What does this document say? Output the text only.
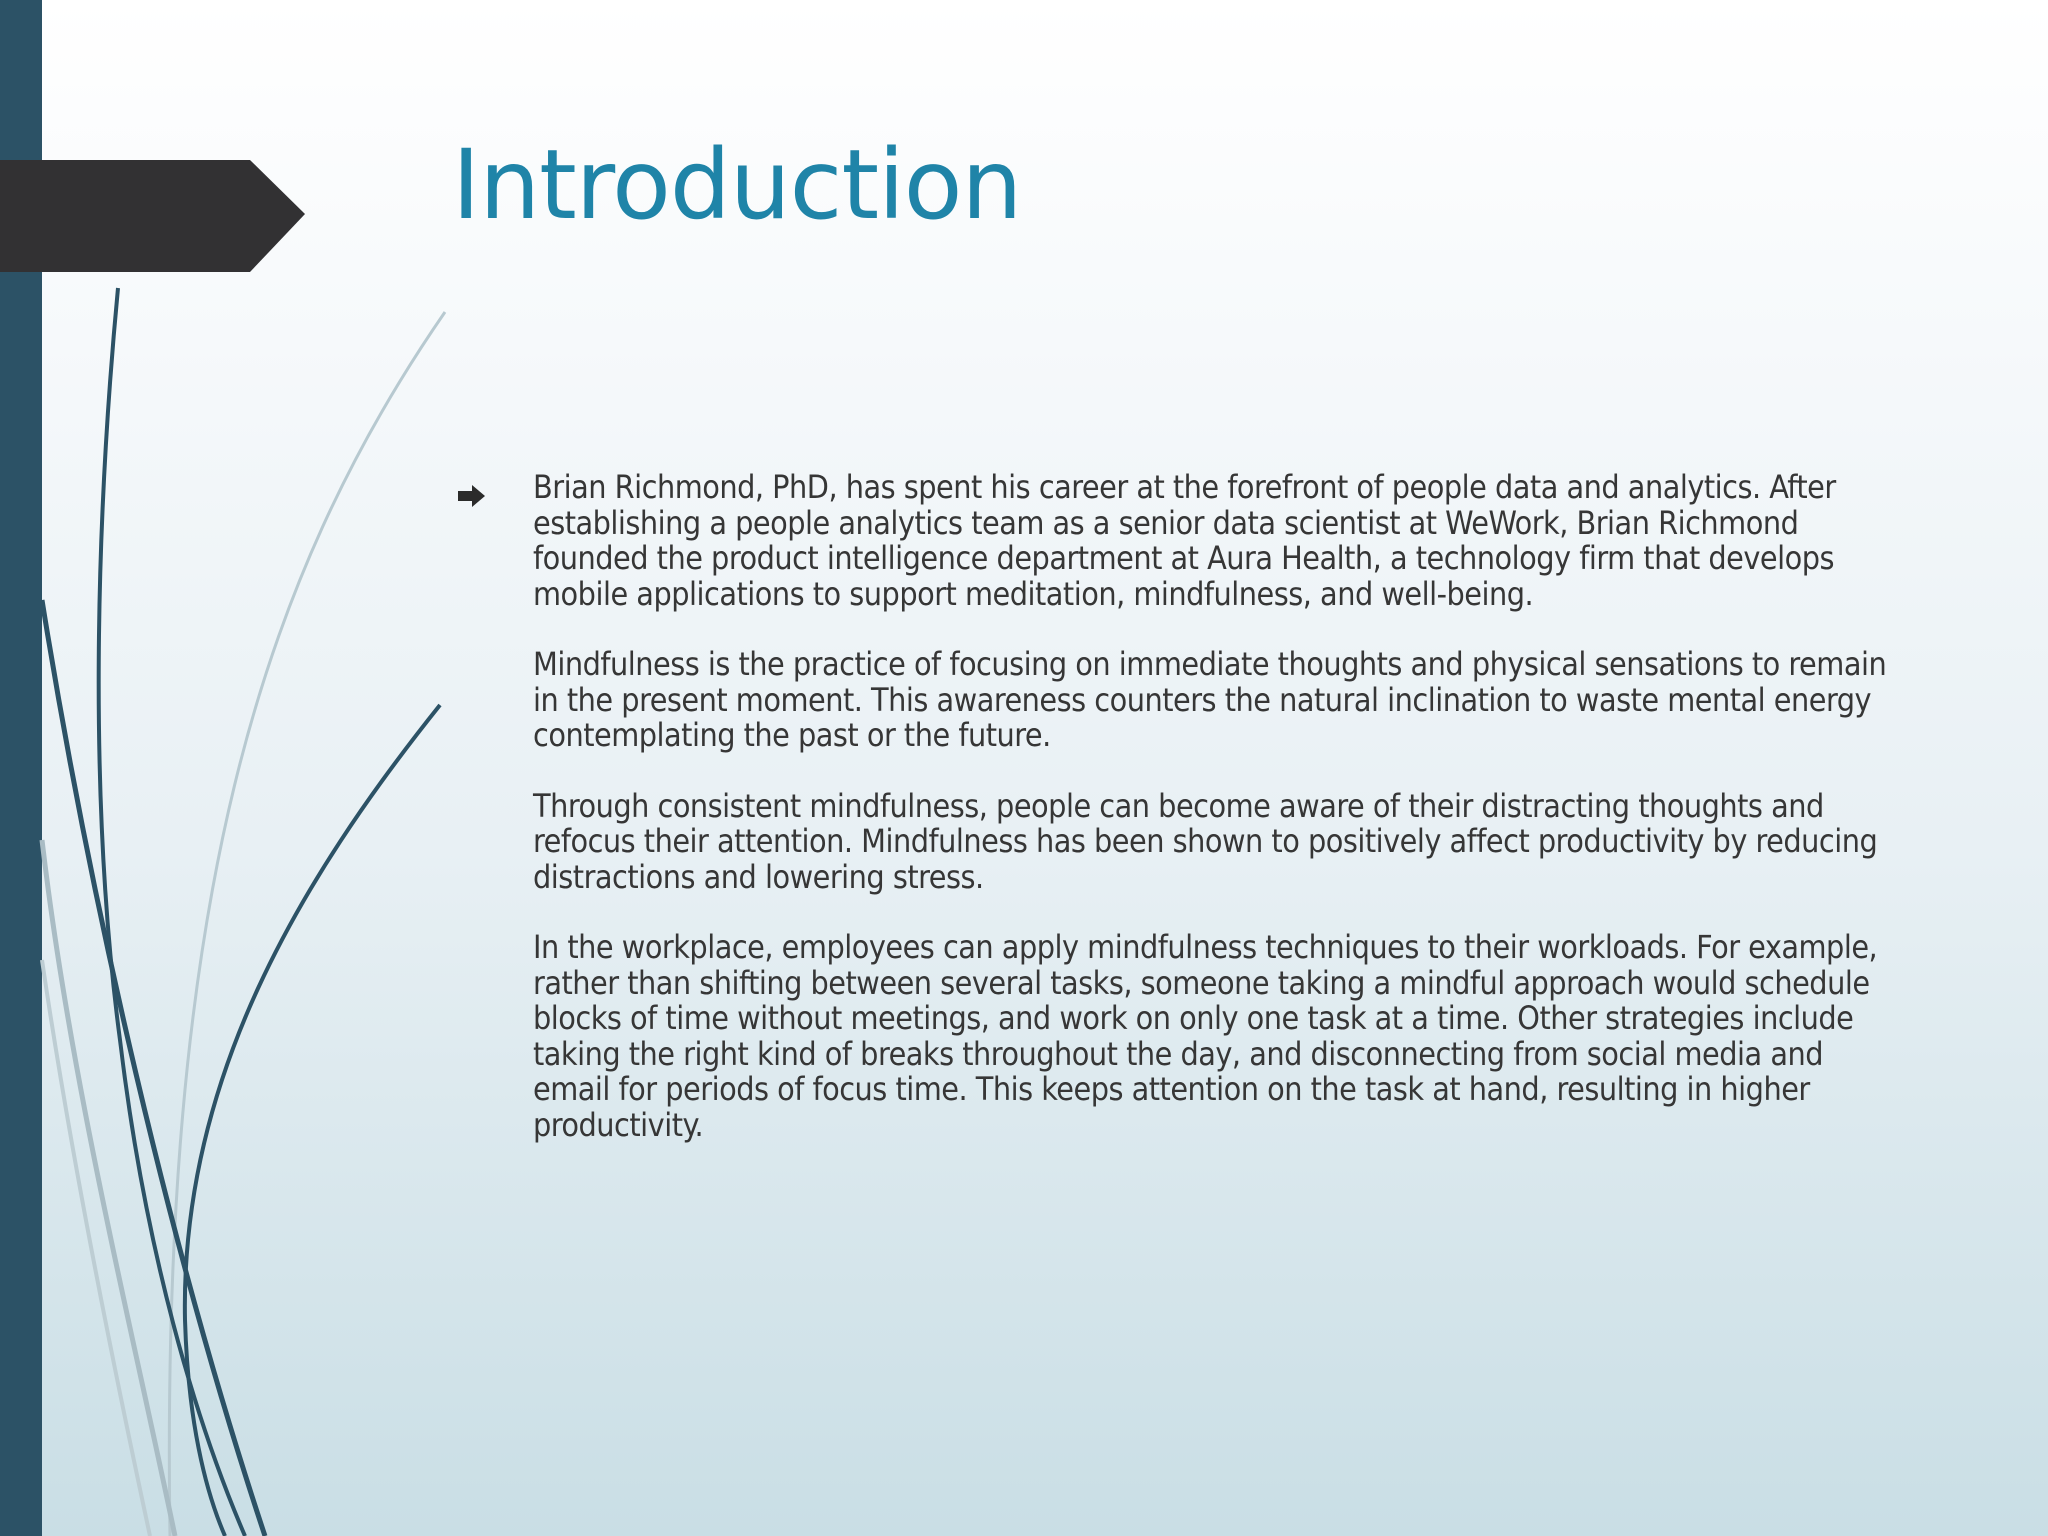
Introduction

Brian Richmond, PhD, has spent his career at the forefront of people data and analytics. After establishing a people analytics team as a senior data scientist at WeWork, Brian Richmond founded the product intelligence department at Aura Health, a technology firm that develops mobile applications to support meditation, mindfulness, and well-being.

Mindfulness is the practice of focusing on immediate thoughts and physical sensations to remain in the present moment. This awareness counters the natural inclination to waste mental energy contemplating the past or the future.

Through consistent mindfulness, people can become aware of their distracting thoughts and refocus their attention. Mindfulness has been shown to positively affect productivity by reducing distractions and lowering stress.

In the workplace, employees can apply mindfulness techniques to their workloads. For example, rather than shifting between several tasks, someone taking a mindful approach would schedule blocks of time without meetings, and work on only one task at a time. Other strategies include taking the right kind of breaks throughout the day, and disconnecting from social media and email for periods of focus time. This keeps attention on the task at hand, resulting in higher productivity.
